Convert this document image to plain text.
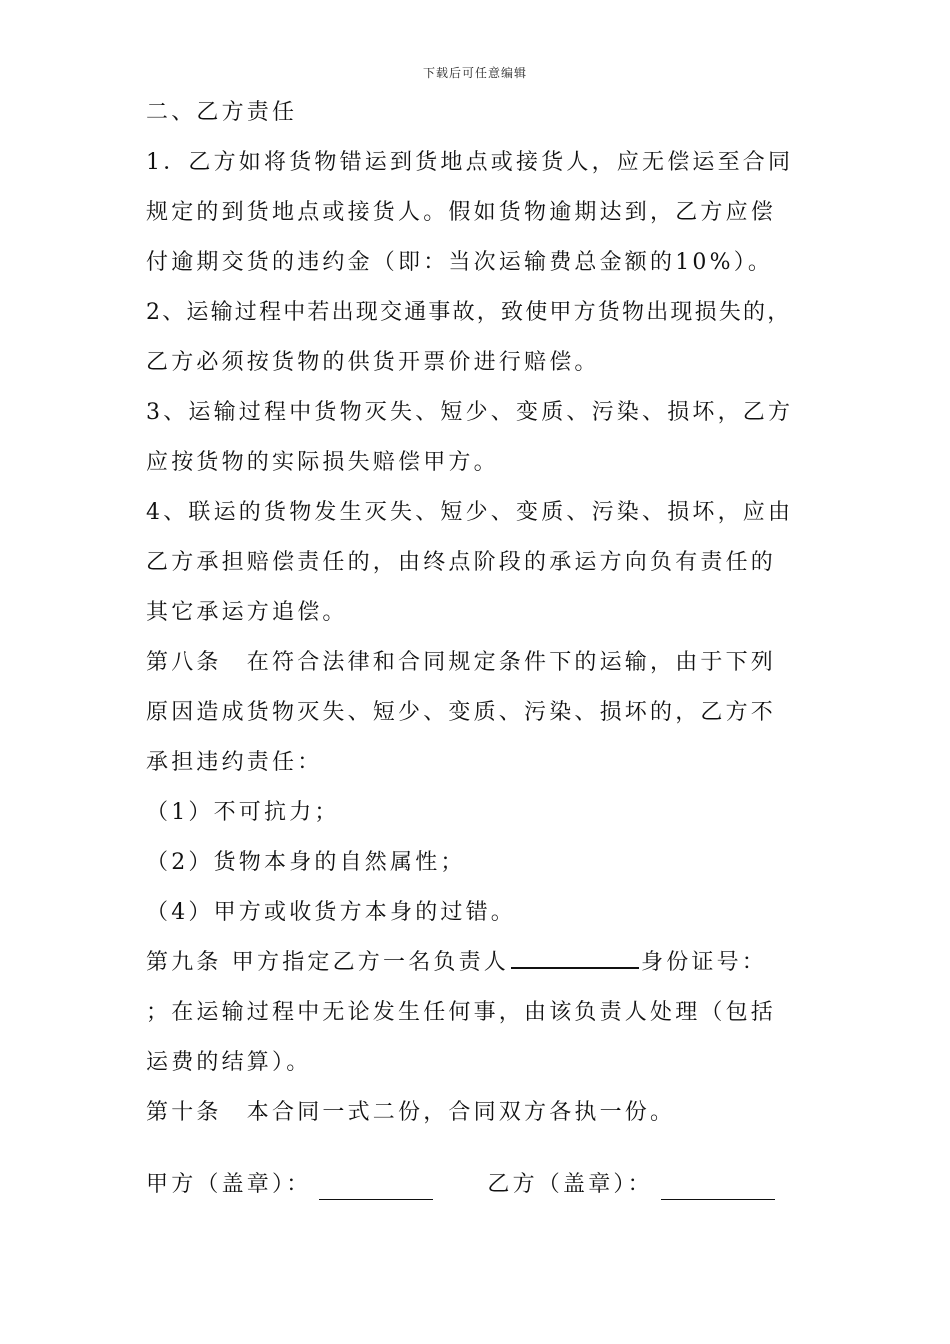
下载后可任意编辑
二、乙方责任
1．乙方如将货物错运到货地点或接货人，应无偿运至合同
规定的到货地点或接货人。假如货物逾期达到，乙方应偿
付逾期交货的违约金（即：当次运输费总金额的10%）。
2、运输过程中若出现交通事故，致使甲方货物出现损失的，
乙方必须按货物的供货开票价进行赔偿。
3、运输过程中货物灭失、短少、变质、污染、损坏，乙方
应按货物的实际损失赔偿甲方。
4、联运的货物发生灭失、短少、变质、污染、损坏，应由
乙方承担赔偿责任的，由终点阶段的承运方向负有责任的
其它承运方追偿。
第八条　在符合法律和合同规定条件下的运输，由于下列
原因造成货物灭失、短少、变质、污染、损坏的，乙方不
承担违约责任：
（1）不可抗力；
（2）货物本身的自然属性；
（4）甲方或收货方本身的过错。
第九条 甲方指定乙方一名负责人	身份证号：
；在运输过程中无论发生任何事，由该负责人处理（包括
运费的结算）。
第十条　本合同一式二份，合同双方各执一份。
甲方（盖章）：	乙方（盖章）：
